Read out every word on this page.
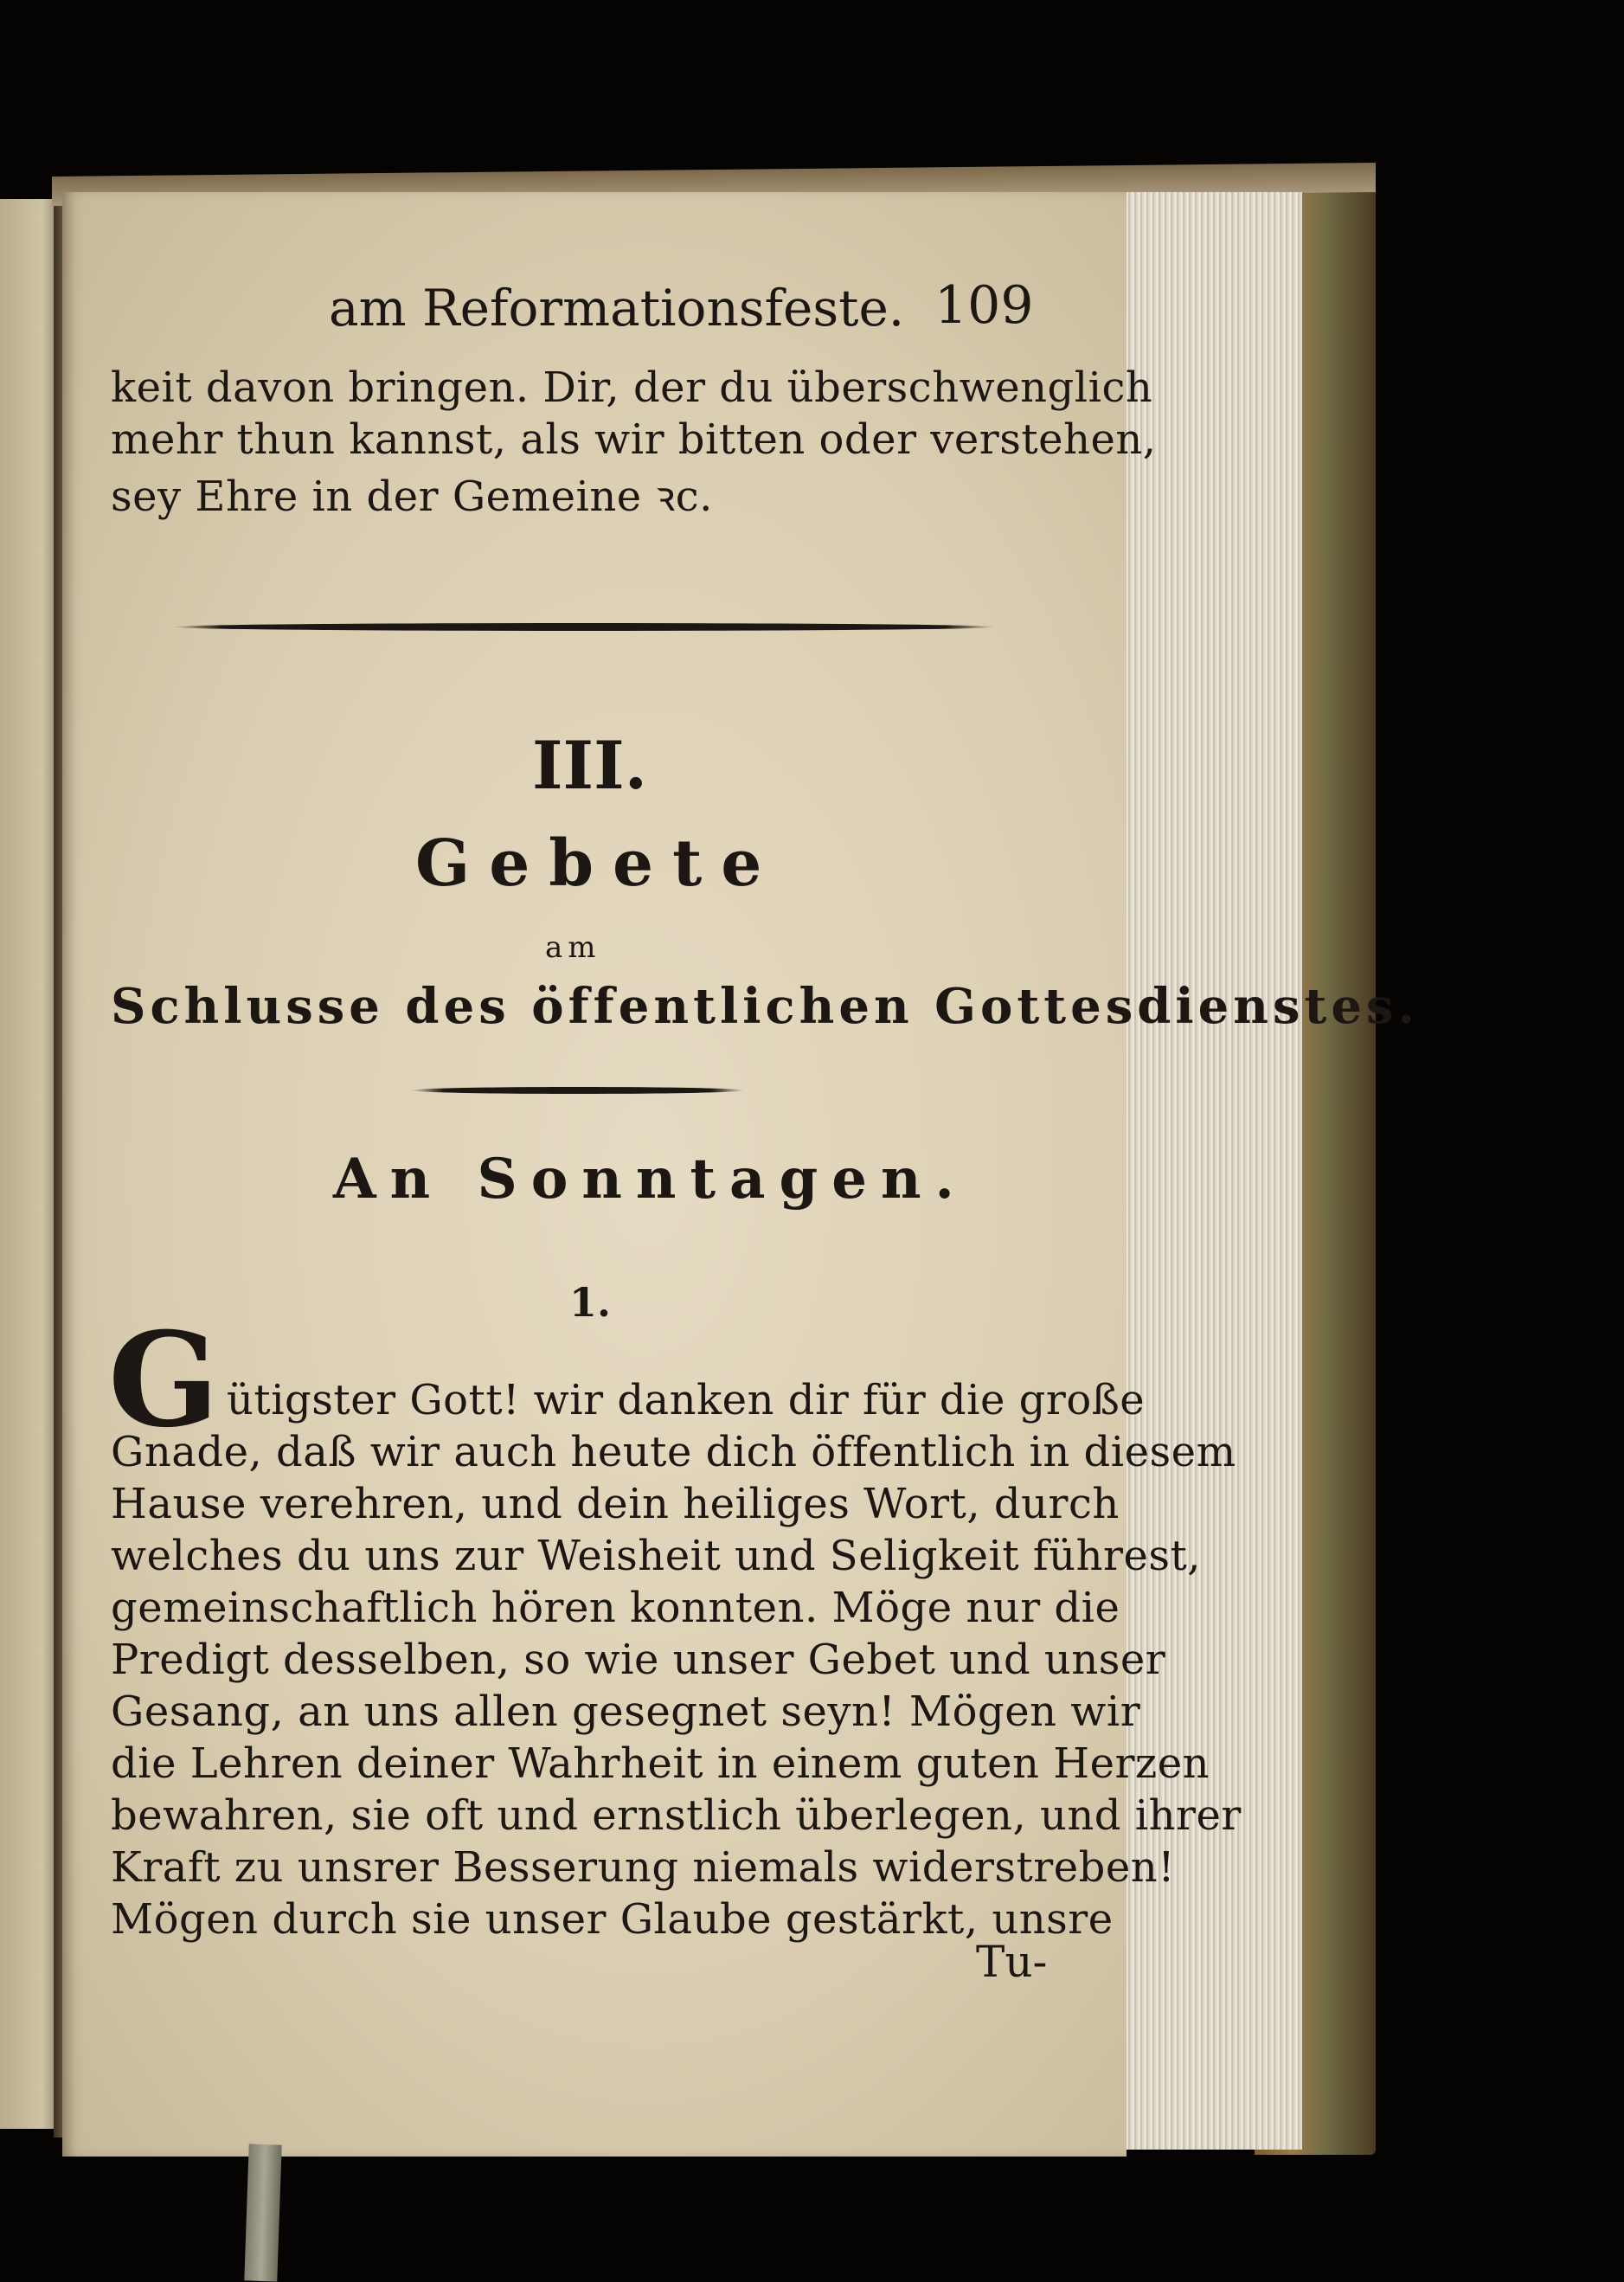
am Reformationsfeste. 109
keit davon bringen. Dir, der du überschwenglich
mehr thun kannst, als wir bitten oder verstehen,
sey Ehre in der Gemeine ꝛc.
III.
Gebete
am
Schlusse des öffentlichen Gottesdienstes.
An Sonntagen.
1.
G ütigster Gott! wir danken dir für die große
Gnade, daß wir auch heute dich öffentlich in diesem
Hause verehren, und dein heiliges Wort, durch
welches du uns zur Weisheit und Seligkeit führest,
gemeinschaftlich hören konnten. Möge nur die
Predigt desselben, so wie unser Gebet und unser
Gesang, an uns allen gesegnet seyn! Mögen wir
die Lehren deiner Wahrheit in einem guten Herzen
bewahren, sie oft und ernstlich überlegen, und ihrer
Kraft zu unsrer Besserung niemals widerstreben!
Mögen durch sie unser Glaube gestärkt, unsre
Tu-
